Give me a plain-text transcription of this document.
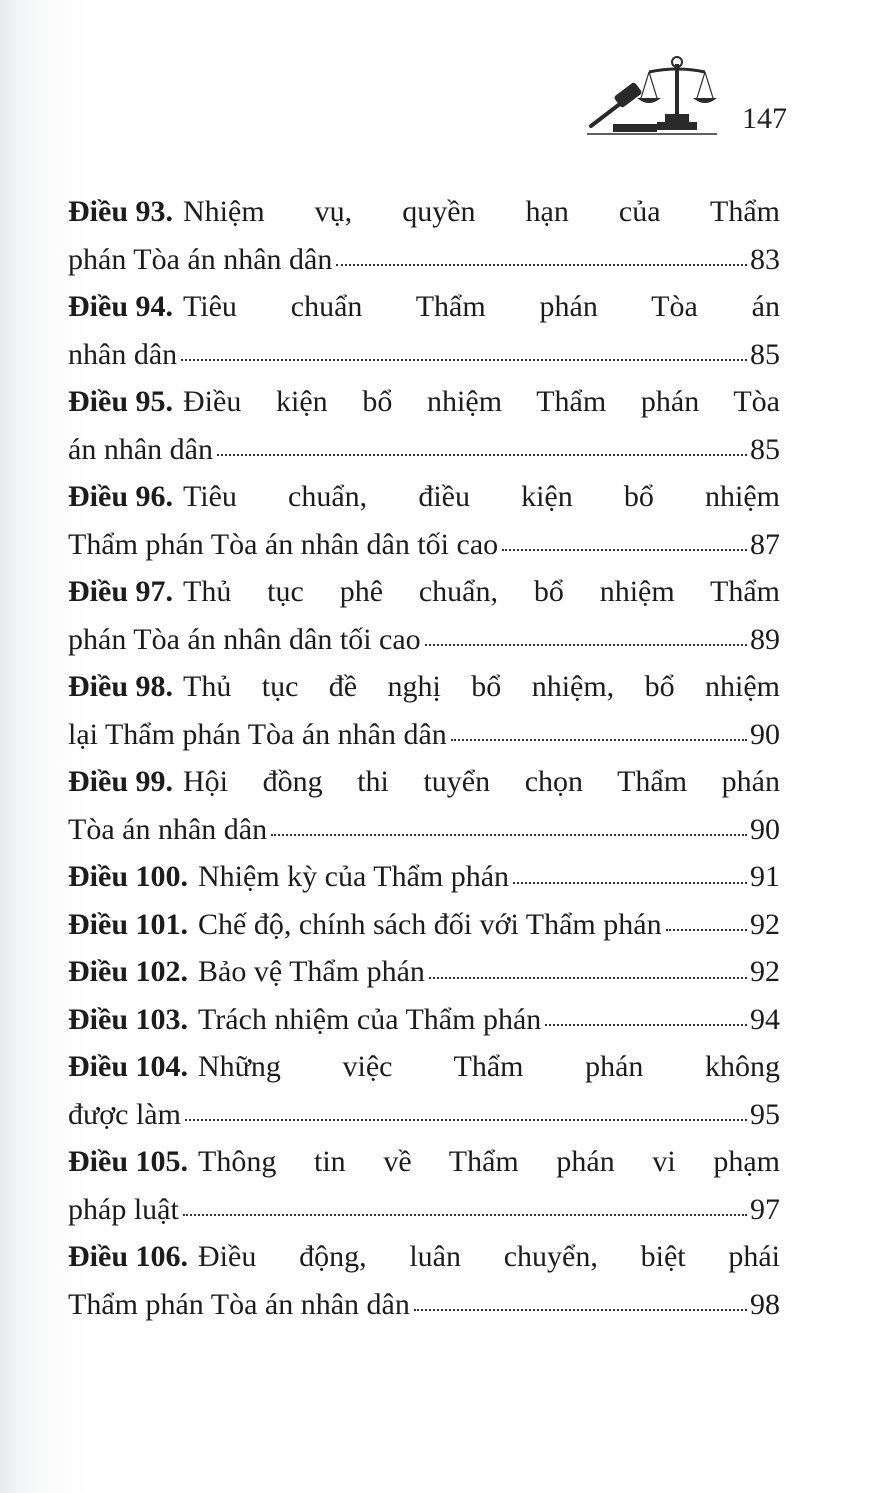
147
Điều 93. Nhiệm vụ, quyền hạn của Thẩm
phán Tòa án nhân dân	83
Điều 94. Tiêu chuẩn Thẩm phán Tòa án
nhân dân	85
Điều 95. Điều kiện bổ nhiệm Thẩm phán Tòa
án nhân dân	85
Điều 96. Tiêu chuẩn, điều kiện bổ nhiệm
Thẩm phán Tòa án nhân dân tối cao	87
Điều 97. Thủ tục phê chuẩn, bổ nhiệm Thẩm
phán Tòa án nhân dân tối cao	89
Điều 98. Thủ tục đề nghị bổ nhiệm, bổ nhiệm
lại Thẩm phán Tòa án nhân dân	90
Điều 99. Hội đồng thi tuyển chọn Thẩm phán
Tòa án nhân dân	90
Điều 100. Nhiệm kỳ của Thẩm phán	91
Điều 101. Chế độ, chính sách đối với Thẩm phán	92
Điều 102. Bảo vệ Thẩm phán	92
Điều 103. Trách nhiệm của Thẩm phán	94
Điều 104. Những việc Thẩm phán không
được làm	95
Điều 105. Thông tin về Thẩm phán vi phạm
pháp luật	97
Điều 106. Điều động, luân chuyển, biệt phái
Thẩm phán Tòa án nhân dân	98
